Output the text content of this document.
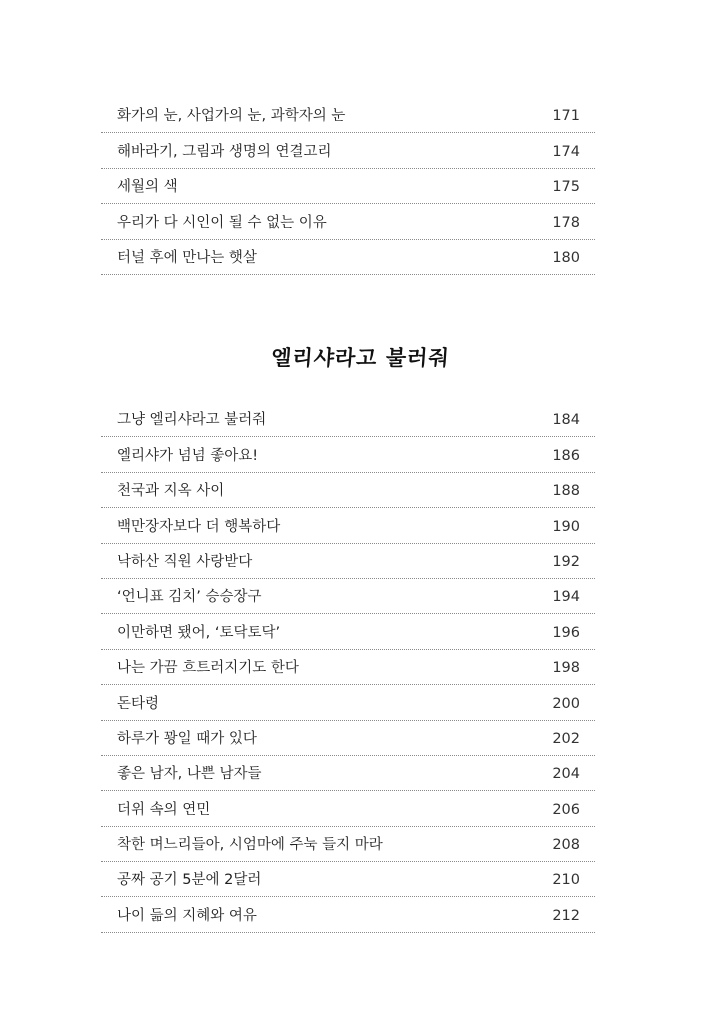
화가의 눈, 사업가의 눈, 과학자의 눈	171
해바라기, 그림과 생명의 연결고리	174
세월의 색	175
우리가 다 시인이 될 수 없는 이유	178
터널 후에 만나는 햇살	180
엘리샤라고 불러줘
그냥 엘리샤라고 불러줘	184
엘리샤가 넘넘 좋아요!	186
천국과 지옥 사이	188
백만장자보다 더 행복하다	190
낙하산 직원 사랑받다	192
‘언니표 김치’ 승승장구	194
이만하면 됐어, ‘토닥토닥’	196
나는 가끔 흐트러지기도 한다	198
돈타령	200
하루가 꽝일 때가 있다	202
좋은 남자, 나쁜 남자들	204
더위 속의 연민	206
착한 며느리들아, 시엄마에 주눅 들지 마라	208
공짜 공기 5분에 2달러	210
나이 듦의 지혜와 여유	212
